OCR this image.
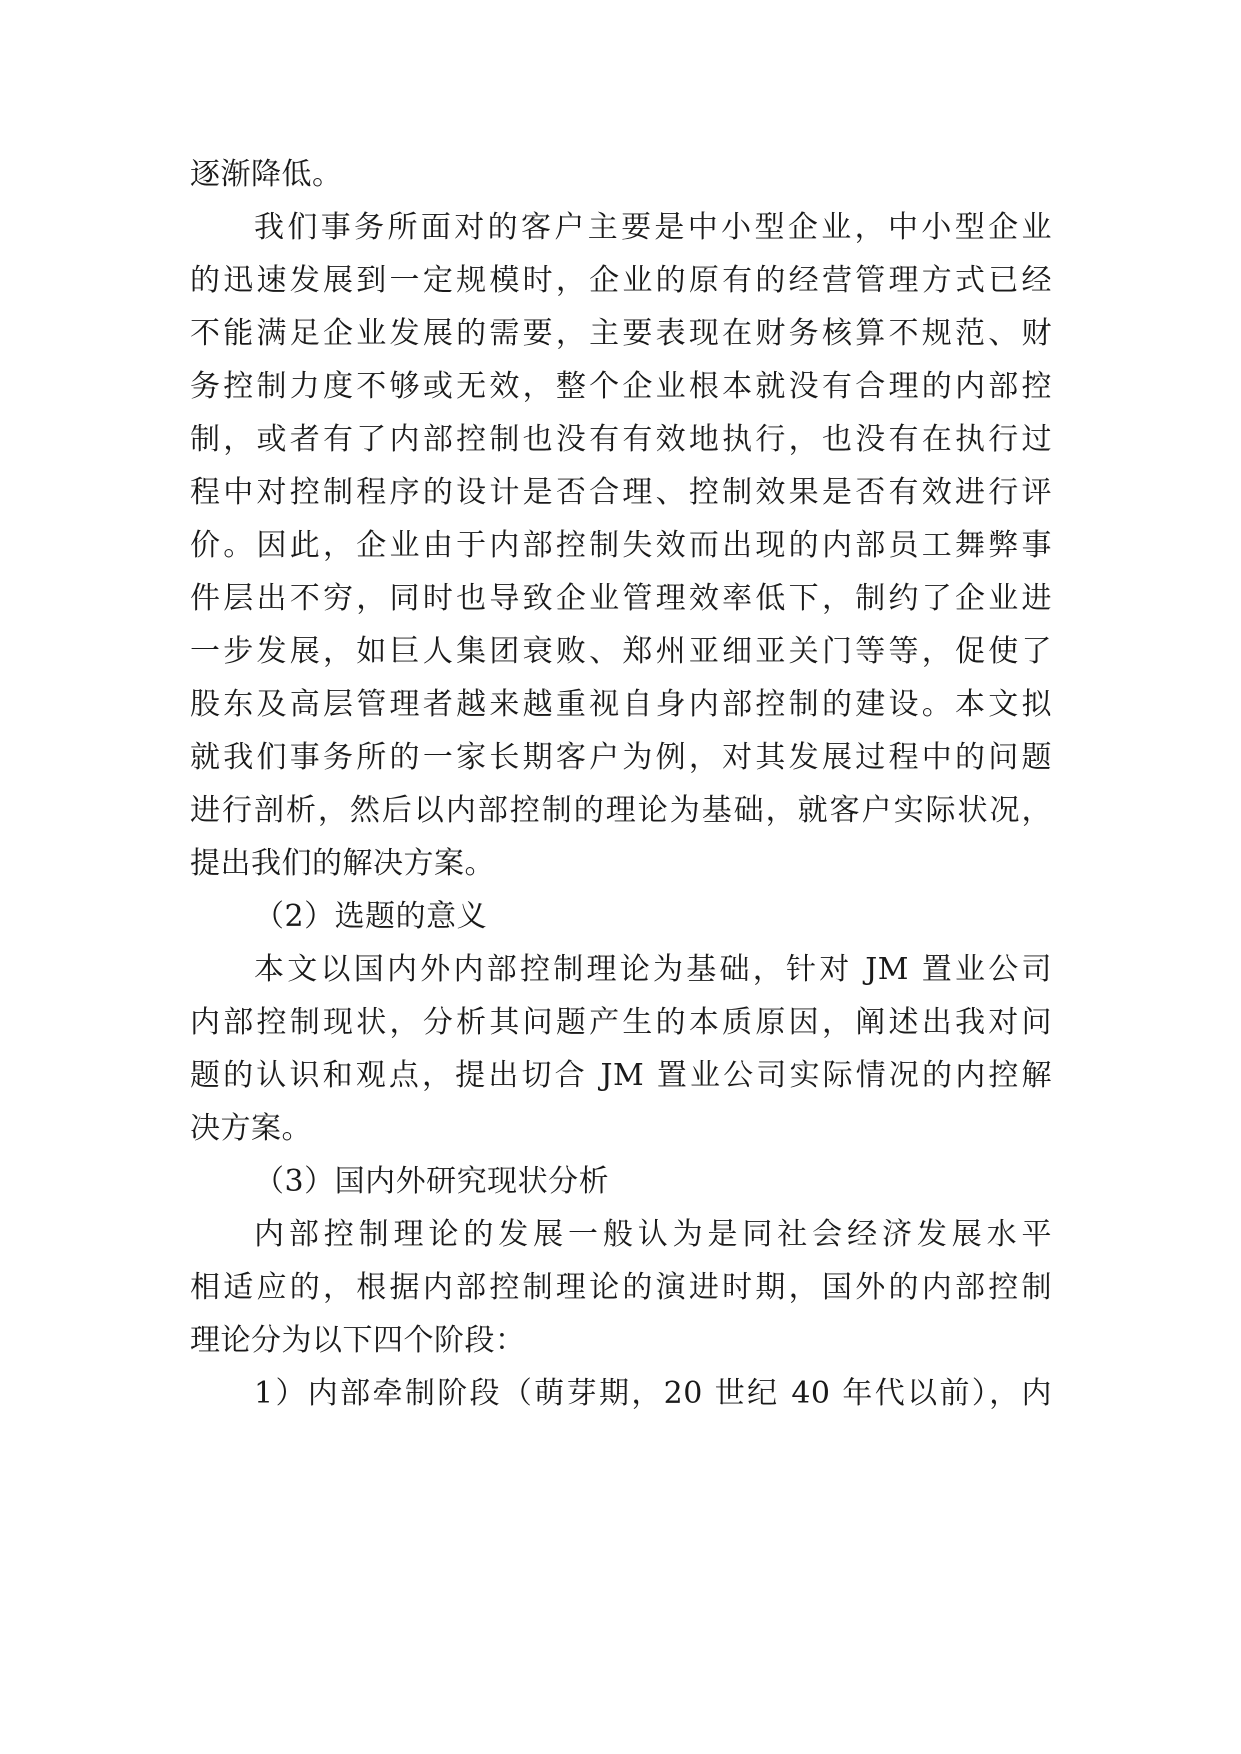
逐渐降低。
我们事务所面对的客户主要是中小型企业，中小型企业
的迅速发展到一定规模时，企业的原有的经营管理方式已经
不能满足企业发展的需要，主要表现在财务核算不规范、财
务控制力度不够或无效，整个企业根本就没有合理的内部控
制，或者有了内部控制也没有有效地执行，也没有在执行过
程中对控制程序的设计是否合理、控制效果是否有效进行评
价。因此，企业由于内部控制失效而出现的内部员工舞弊事
件层出不穷，同时也导致企业管理效率低下，制约了企业进
一步发展，如巨人集团衰败、郑州亚细亚关门等等，促使了
股东及高层管理者越来越重视自身内部控制的建设。本文拟
就我们事务所的一家长期客户为例，对其发展过程中的问题
进行剖析，然后以内部控制的理论为基础，就客户实际状况，
提出我们的解决方案。
（2）选题的意义
本文以国内外内部控制理论为基础，针对 JM 置业公司
内部控制现状，分析其问题产生的本质原因，阐述出我对问
题的认识和观点，提出切合 JM 置业公司实际情况的内控解
决方案。
（3）国内外研究现状分析
内部控制理论的发展一般认为是同社会经济发展水平
相适应的，根据内部控制理论的演进时期，国外的内部控制
理论分为以下四个阶段：
1）内部牵制阶段（萌芽期，20 世纪 40 年代以前），内
